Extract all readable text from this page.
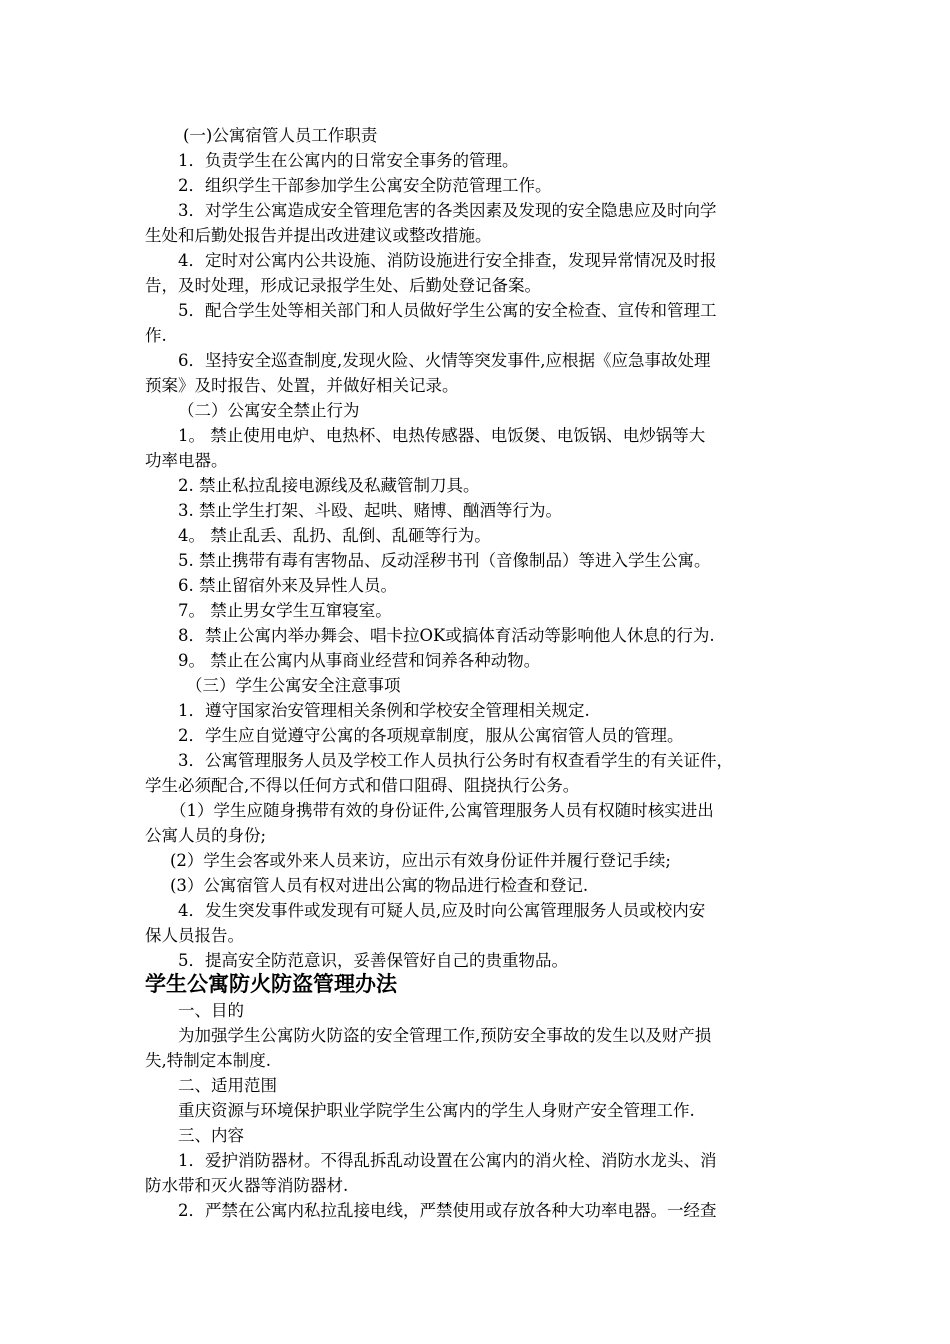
(一)公寓宿管人员工作职责
1．负责学生在公寓内的日常安全事务的管理。
2．组织学生干部参加学生公寓安全防范管理工作。
3．对学生公寓造成安全管理危害的各类因素及发现的安全隐患应及时向学
生处和后勤处报告并提出改进建议或整改措施。
4．定时对公寓内公共设施、消防设施进行安全排查，发现异常情况及时报
告，及时处理，形成记录报学生处、后勤处登记备案。
5．配合学生处等相关部门和人员做好学生公寓的安全检查、宣传和管理工
作.
6．坚持安全巡查制度,发现火险、火情等突发事件,应根据《应急事故处理
预案》及时报告、处置，并做好相关记录。
（二）公寓安全禁止行为
1。 禁止使用电炉、电热杯、电热传感器、电饭煲、电饭锅、电炒锅等大
功率电器。
2. 禁止私拉乱接电源线及私藏管制刀具。
3. 禁止学生打架、斗殴、起哄、赌博、酗酒等行为。
4。 禁止乱丢、乱扔、乱倒、乱砸等行为。
5. 禁止携带有毒有害物品、反动淫秽书刊（音像制品）等进入学生公寓。
6. 禁止留宿外来及异性人员。
7。 禁止男女学生互窜寝室。
8．禁止公寓内举办舞会、唱卡拉OK或搞体育活动等影响他人休息的行为.
9。 禁止在公寓内从事商业经营和饲养各种动物。
（三）学生公寓安全注意事项
1．遵守国家治安管理相关条例和学校安全管理相关规定.
2．学生应自觉遵守公寓的各项规章制度，服从公寓宿管人员的管理。
3．公寓管理服务人员及学校工作人员执行公务时有权查看学生的有关证件，
学生必须配合,不得以任何方式和借口阻碍、阻挠执行公务。
（1）学生应随身携带有效的身份证件,公寓管理服务人员有权随时核实进出
公寓人员的身份;
(2）学生会客或外来人员来访，应出示有效身份证件并履行登记手续;
(3）公寓宿管人员有权对进出公寓的物品进行检查和登记.
4．发生突发事件或发现有可疑人员,应及时向公寓管理服务人员或校内安
保人员报告。
5．提高安全防范意识，妥善保管好自己的贵重物品。
学生公寓防火防盗管理办法
一、目的
为加强学生公寓防火防盗的安全管理工作,预防安全事故的发生以及财产损
失,特制定本制度.
二、适用范围
重庆资源与环境保护职业学院学生公寓内的学生人身财产安全管理工作.
三、内容
1．爱护消防器材。不得乱拆乱动设置在公寓内的消火栓、消防水龙头、消
防水带和灭火器等消防器材.
2．严禁在公寓内私拉乱接电线，严禁使用或存放各种大功率电器。一经查
